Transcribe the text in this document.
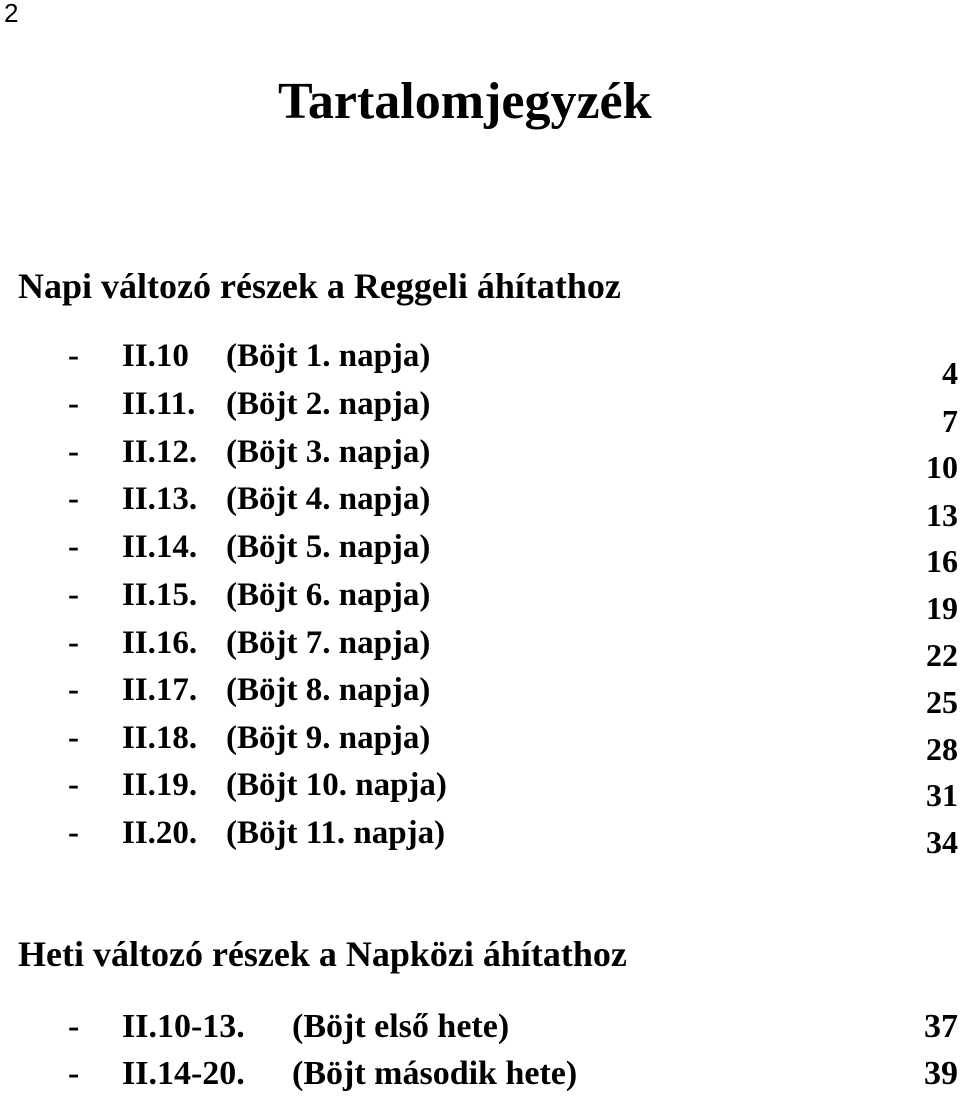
2
Tartalomjegyzék
Napi változó részek a Reggeli áhítathoz
- II.10 (Böjt 1. napja)	4
- II.11. (Böjt 2. napja)	7
- II.12. (Böjt 3. napja)	10
- II.13. (Böjt 4. napja)	13
- II.14. (Böjt 5. napja)	16
- II.15. (Böjt 6. napja)	19
- II.16. (Böjt 7. napja)	22
- II.17. (Böjt 8. napja)	25
- II.18. (Böjt 9. napja)	28
- II.19. (Böjt 10. napja)	31
- II.20. (Böjt 11. napja)	34
Heti változó részek a Napközi áhítathoz
- II.10-13. (Böjt első hete)	37
- II.14-20. (Böjt második hete)	39
